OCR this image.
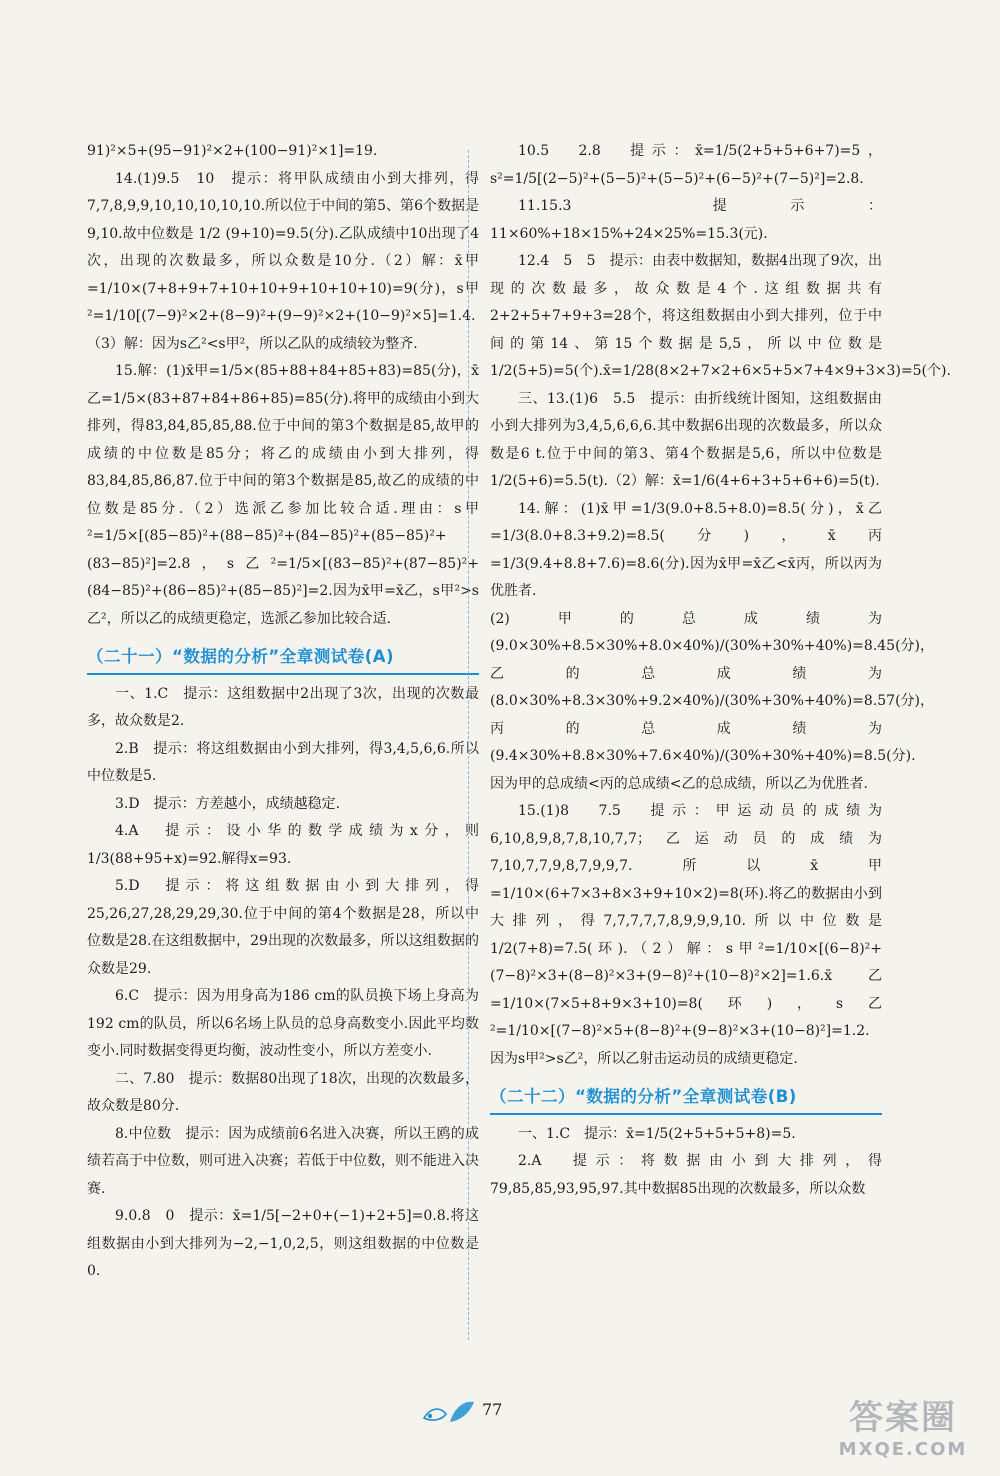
91)²×5+(95−91)²×2+(100−91)²×1]=19.

14.(1)9.5　10　提示：将甲队成绩由小到大排列，得7,7,8,9,9,10,10,10,10,10.所以位于中间的第5、第6个数据是9,10.故中位数是 1/2 (9+10)=9.5(分).乙队成绩中10出现了4次，出现的次数最多，所以众数是10分.（2）解：x̄甲=1/10×(7+8+9+7+10+10+9+10+10+10)=9(分)，s甲²=1/10[(7−9)²×2+(8−9)²+(9−9)²×2+(10−9)²×5]=1.4.（3）解：因为s乙²<s甲²，所以乙队的成绩较为整齐.

15.解：(1)x̄甲=1/5×(85+88+84+85+83)=85(分)，x̄乙=1/5×(83+87+84+86+85)=85(分).将甲的成绩由小到大排列，得83,84,85,85,88.位于中间的第3个数据是85,故甲的成绩的中位数是85分；将乙的成绩由小到大排列，得83,84,85,86,87.位于中间的第3个数据是85,故乙的成绩的中位数是85分.（2）选派乙参加比较合适.理由：s甲²=1/5×[(85−85)²+(88−85)²+(84−85)²+(85−85)²+(83−85)²]=2.8，s乙²=1/5×[(83−85)²+(87−85)²+(84−85)²+(86−85)²+(85−85)²]=2.因为x̄甲=x̄乙，s甲²>s乙²，所以乙的成绩更稳定，选派乙参加比较合适.

（二十一）“数据的分析”全章测试卷(A)

一、1.C　提示：这组数据中2出现了3次，出现的次数最多，故众数是2.

2.B　提示：将这组数据由小到大排列，得3,4,5,6,6.所以中位数是5.

3.D　提示：方差越小，成绩越稳定.

4.A　提示：设小华的数学成绩为x分，则1/3(88+95+x)=92.解得x=93.

5.D　提示：将这组数据由小到大排列，得25,26,27,28,29,29,30.位于中间的第4个数据是28，所以中位数是28.在这组数据中，29出现的次数最多，所以这组数据的众数是29.

6.C　提示：因为用身高为186 cm的队员换下场上身高为192 cm的队员，所以6名场上队员的总身高数变小.因此平均数变小.同时数据变得更均衡，波动性变小，所以方差变小.

二、7.80　提示：数据80出现了18次，出现的次数最多，故众数是80分.

8.中位数　提示：因为成绩前6名进入决赛，所以王鸥的成绩若高于中位数，则可进入决赛；若低于中位数，则不能进入决赛.

9.0.8　0　提示：x̄=1/5[−2+0+(−1)+2+5]=0.8.将这组数据由小到大排列为−2,−1,0,2,5，则这组数据的中位数是0.

10.5　2.8　提示：x̄=1/5(2+5+5+6+7)=5，s²=1/5[(2−5)²+(5−5)²+(5−5)²+(6−5)²+(7−5)²]=2.8.

11.15.3　提示：11×60%+18×15%+24×25%=15.3(元).

12.4　5　5　提示：由表中数据知，数据4出现了9次，出现的次数最多，故众数是4个.这组数据共有2+2+5+7+9+3=28个，将这组数据由小到大排列，位于中间的第14、第15个数据是5,5，所以中位数是1/2(5+5)=5(个).x̄=1/28(8×2+7×2+6×5+5×7+4×9+3×3)=5(个).

三、13.(1)6　5.5　提示：由折线统计图知，这组数据由小到大排列为3,4,5,6,6,6.其中数据6出现的次数最多，所以众数是6 t.位于中间的第3、第4个数据是5,6，所以中位数是1/2(5+6)=5.5(t).（2）解：x̄=1/6(4+6+3+5+6+6)=5(t).

14.解：(1)x̄甲=1/3(9.0+8.5+8.0)=8.5(分)，x̄乙=1/3(8.0+8.3+9.2)=8.5(分)，x̄丙=1/3(9.4+8.8+7.6)=8.6(分).因为x̄甲=x̄乙<x̄丙，所以丙为优胜者.

(2)甲的总成绩为(9.0×30%+8.5×30%+8.0×40%)/(30%+30%+40%)=8.45(分)，乙的总成绩为(8.0×30%+8.3×30%+9.2×40%)/(30%+30%+40%)=8.57(分)，丙的总成绩为(9.4×30%+8.8×30%+7.6×40%)/(30%+30%+40%)=8.5(分).因为甲的总成绩<丙的总成绩<乙的总成绩，所以乙为优胜者.

15.(1)8　7.5　提示：甲运动员的成绩为6,10,8,9,8,7,8,10,7,7；乙运动员的成绩为7,10,7,7,9,8,7,9,9,7.所以x̄甲=1/10×(6+7×3+8×3+9+10×2)=8(环).将乙的数据由小到大排列，得7,7,7,7,7,8,9,9,9,10.所以中位数是1/2(7+8)=7.5(环).（2）解：s甲²=1/10×[(6−8)²+(7−8)²×3+(8−8)²×3+(9−8)²+(10−8)²×2]=1.6.x̄乙=1/10×(7×5+8+9×3+10)=8(环)，s乙²=1/10×[(7−8)²×5+(8−8)²+(9−8)²×3+(10−8)²]=1.2.因为s甲²>s乙²，所以乙射击运动员的成绩更稳定.

（二十二）“数据的分析”全章测试卷(B)

一、1.C　提示：x̄=1/5(2+5+5+5+8)=5.

2.A　提示：将数据由小到大排列，得79,85,85,93,95,97.其中数据85出现的次数最多，所以众数

77	答案圈
MXQE.COM
